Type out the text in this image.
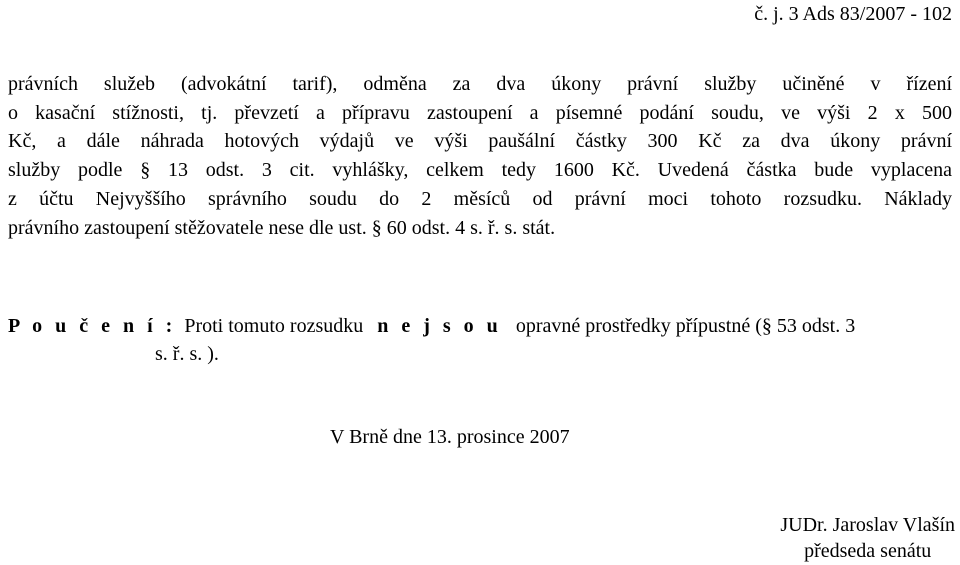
č. j. 3 Ads 83/2007 - 102
právních služeb (advokátní tarif), odměna za dva úkony právní služby učiněné v řízení
o kasační stížnosti, tj. převzetí a přípravu zastoupení a písemné podání soudu, ve výši 2 x 500
Kč, a dále náhrada hotových výdajů ve výši paušální částky 300 Kč za dva úkony právní
služby podle § 13 odst. 3 cit. vyhlášky, celkem tedy 1600 Kč. Uvedená částka bude vyplacena
z účtu Nejvyššího správního soudu do 2 měsíců od právní moci tohoto rozsudku. Náklady
právního zastoupení stěžovatele nese dle ust. § 60 odst. 4 s. ř. s. stát.
P o u č e n í : Proti tomuto rozsudku n e j s o u opravné prostředky přípustné (§ 53 odst. 3
s. ř. s. ).
V Brně dne 13. prosince 2007
JUDr. Jaroslav Vlašín
předseda senátu
